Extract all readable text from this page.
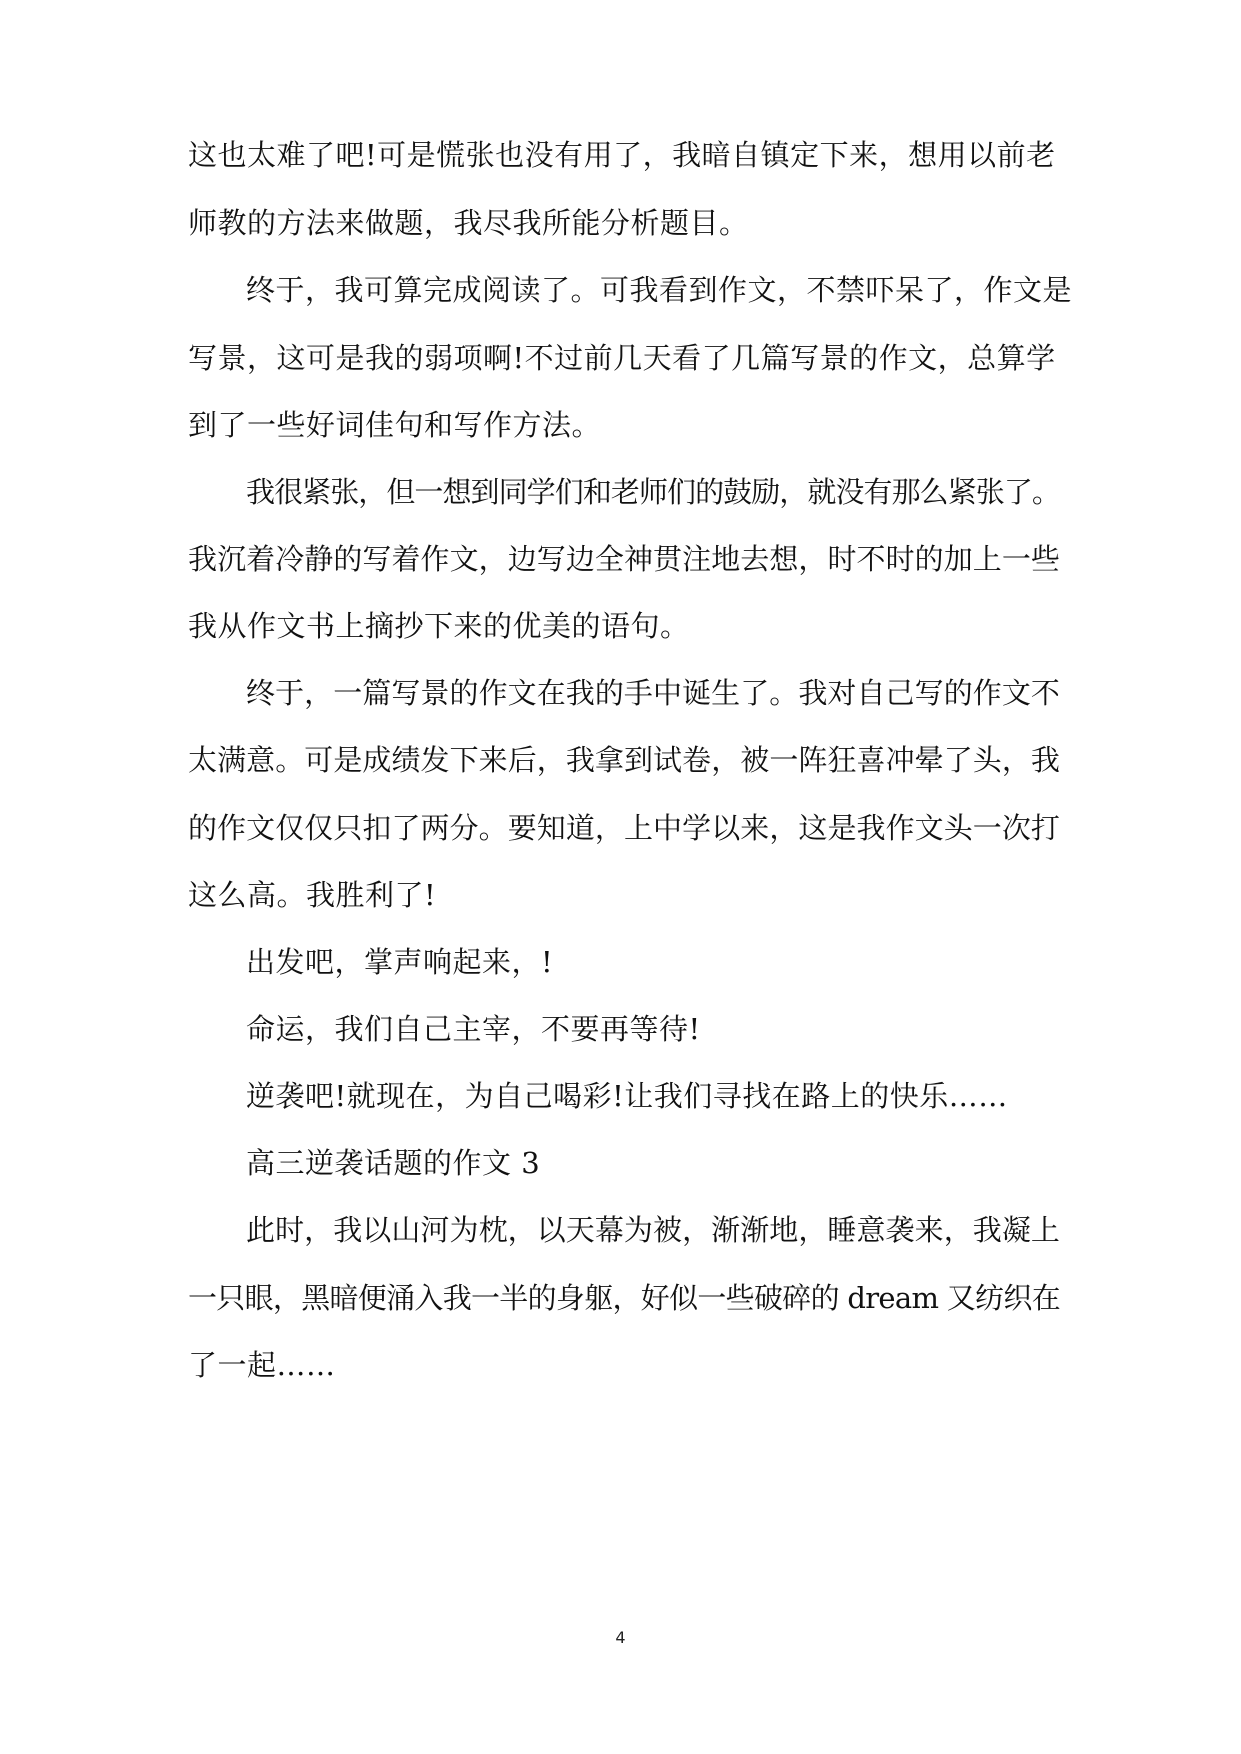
这也太难了吧!可是慌张也没有用了，我暗自镇定下来，想用以前老
师教的方法来做题，我尽我所能分析题目。
终于，我可算完成阅读了。可我看到作文，不禁吓呆了，作文是
写景，这可是我的弱项啊!不过前几天看了几篇写景的作文，总算学
到了一些好词佳句和写作方法。
我很紧张，但一想到同学们和老师们的鼓励，就没有那么紧张了。
我沉着冷静的写着作文，边写边全神贯注地去想，时不时的加上一些
我从作文书上摘抄下来的优美的语句。
终于，一篇写景的作文在我的手中诞生了。我对自己写的作文不
太满意。可是成绩发下来后，我拿到试卷，被一阵狂喜冲晕了头，我
的作文仅仅只扣了两分。要知道，上中学以来，这是我作文头一次打
这么高。我胜利了!
出发吧，掌声响起来，!
命运，我们自己主宰，不要再等待!
逆袭吧!就现在，为自己喝彩!让我们寻找在路上的快乐……
高三逆袭话题的作文 3
此时，我以山河为枕，以天幕为被，渐渐地，睡意袭来，我凝上
一只眼，黑暗便涌入我一半的身躯，好似一些破碎的 dream 又纺织在
了一起……
4
